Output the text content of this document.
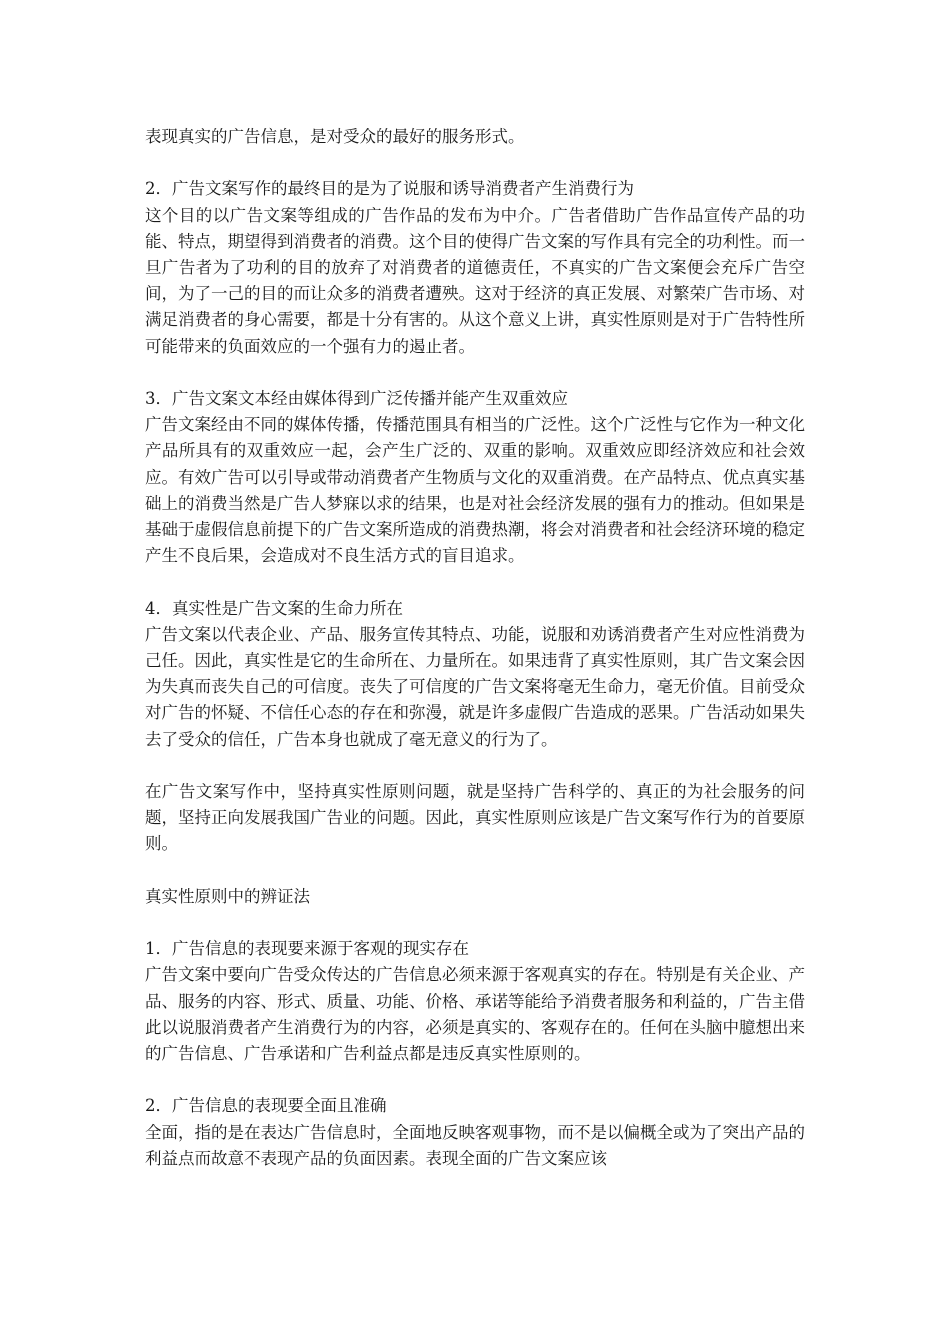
表现真实的广告信息，是对受众的最好的服务形式。

2．广告文案写作的最终目的是为了说服和诱导消费者产生消费行为

这个目的以广告文案等组成的广告作品的发布为中介。广告者借助广告作品宣传产品的功能、特点，期望得到消费者的消费。这个目的使得广告文案的写作具有完全的功利性。而一旦广告者为了功利的目的放弃了对消费者的道德责任，不真实的广告文案便会充斥广告空间，为了一己的目的而让众多的消费者遭殃。这对于经济的真正发展、对繁荣广告市场、对满足消费者的身心需要，都是十分有害的。从这个意义上讲，真实性原则是对于广告特性所可能带来的负面效应的一个强有力的遏止者。

3．广告文案文本经由媒体得到广泛传播并能产生双重效应

广告文案经由不同的媒体传播，传播范围具有相当的广泛性。这个广泛性与它作为一种文化产品所具有的双重效应一起，会产生广泛的、双重的影响。双重效应即经济效应和社会效应。有效广告可以引导或带动消费者产生物质与文化的双重消费。在产品特点、优点真实基础上的消费当然是广告人梦寐以求的结果，也是对社会经济发展的强有力的推动。但如果是基础于虚假信息前提下的广告文案所造成的消费热潮，将会对消费者和社会经济环境的稳定产生不良后果，会造成对不良生活方式的盲目追求。

4．真实性是广告文案的生命力所在

广告文案以代表企业、产品、服务宣传其特点、功能，说服和劝诱消费者产生对应性消费为己任。因此，真实性是它的生命所在、力量所在。如果违背了真实性原则，其广告文案会因为失真而丧失自己的可信度。丧失了可信度的广告文案将毫无生命力，毫无价值。目前受众对广告的怀疑、不信任心态的存在和弥漫，就是许多虚假广告造成的恶果。广告活动如果失去了受众的信任，广告本身也就成了毫无意义的行为了。

在广告文案写作中，坚持真实性原则问题，就是坚持广告科学的、真正的为社会服务的问题，坚持正向发展我国广告业的问题。因此，真实性原则应该是广告文案写作行为的首要原则。

真实性原则中的辨证法

1．广告信息的表现要来源于客观的现实存在

广告文案中要向广告受众传达的广告信息必须来源于客观真实的存在。特别是有关企业、产品、服务的内容、形式、质量、功能、价格、承诺等能给予消费者服务和利益的，广告主借此以说服消费者产生消费行为的内容，必须是真实的、客观存在的。任何在头脑中臆想出来的广告信息、广告承诺和广告利益点都是违反真实性原则的。

2．广告信息的表现要全面且准确

全面，指的是在表达广告信息时，全面地反映客观事物，而不是以偏概全或为了突出产品的利益点而故意不表现产品的负面因素。表现全面的广告文案应该
